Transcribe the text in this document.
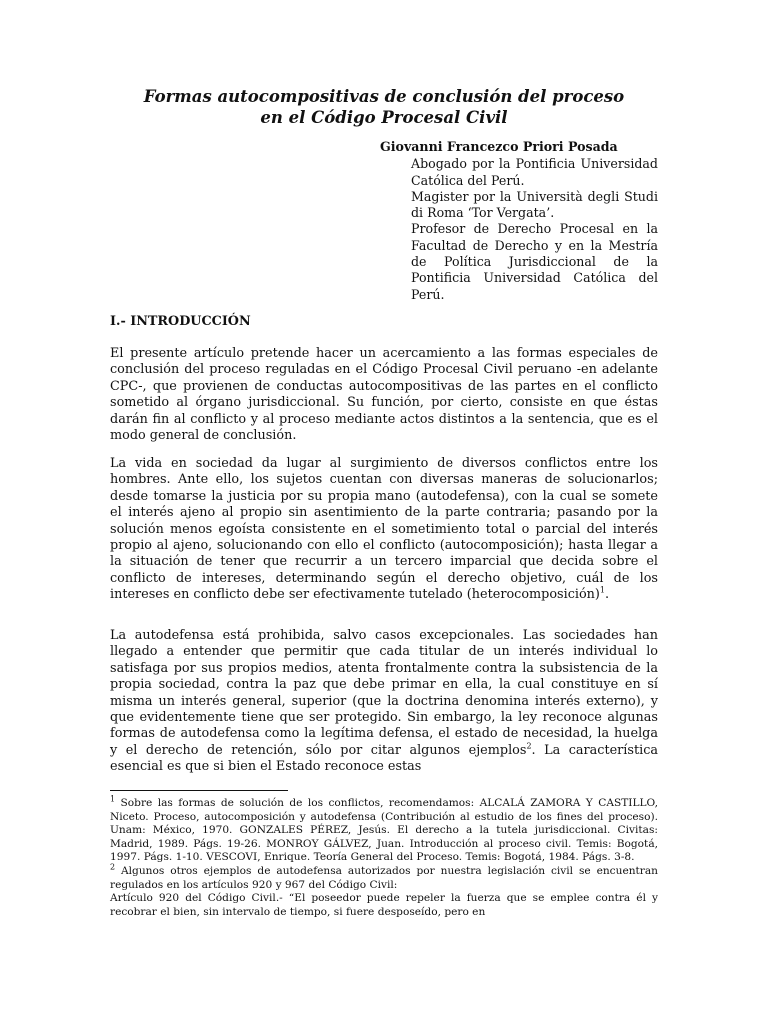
Formas autocompositivas de conclusión del proceso
en el Código Procesal Civil
Giovanni Francezco Priori Posada
Abogado por la Pontificia Universidad Católica del Perú.
Magister por la Università degli Studi di Roma ‘Tor Vergata’.
Profesor de Derecho Procesal en la Facultad de Derecho y en la Mestría de Política Jurisdiccional de la Pontificia Universidad Católica del Perú.
I.- INTRODUCCIÓN

El presente artículo pretende hacer un acercamiento a las formas especiales de conclusión del proceso reguladas en el Código Procesal Civil peruano -en adelante CPC-, que provienen de conductas autocompositivas de las partes en el conflicto sometido al órgano jurisdiccional. Su función, por cierto, consiste en que éstas darán fin al conflicto y al proceso mediante actos distintos a la sentencia, que es el modo general de conclusión.

La vida en sociedad da lugar al surgimiento de diversos conflictos entre los hombres. Ante ello, los sujetos cuentan con diversas maneras de solucionarlos; desde tomarse la justicia por su propia mano (autodefensa), con la cual se somete el interés ajeno al propio sin asentimiento de la parte contraria; pasando por la solución menos egoísta consistente en el sometimiento total o parcial del interés propio al ajeno, solucionando con ello el conflicto (autocomposición); hasta llegar a la situación de tener que recurrir a un tercero imparcial que decida sobre el conflicto de intereses, determinando según el derecho objetivo, cuál de los intereses en conflicto debe ser efectivamente tutelado (heterocomposición)$^1$.

La autodefensa está prohibida, salvo casos excepcionales. Las sociedades han llegado a entender que permitir que cada titular de un interés individual lo satisfaga por sus propios medios, atenta frontalmente contra la subsistencia de la propia sociedad, contra la paz que debe primar en ella, la cual constituye en sí misma un interés general, superior (que la doctrina denomina interés externo), y que evidentemente tiene que ser protegido. Sin embargo, la ley reconoce algunas formas de autodefensa como la legítima defensa, el estado de necesidad, la huelga y el derecho de retención, sólo por citar algunos ejemplos$^2$. La característica esencial es que si bien el Estado reconoce estas

$^1$ Sobre las formas de solución de los conflictos, recomendamos: ALCALÁ ZAMORA Y CASTILLO, Niceto. Proceso, autocomposición y autodefensa (Contribución al estudio de los fines del proceso). Unam: México, 1970. GONZALES PÉREZ, Jesús. El derecho a la tutela jurisdiccional. Civitas: Madrid, 1989. Págs. 19-26. MONROY GÁLVEZ, Juan. Introducción al proceso civil. Temis: Bogotá, 1997. Págs. 1-10. VESCOVI, Enrique. Teoría General del Proceso. Temis: Bogotá, 1984. Págs. 3-8.

$^2$ Algunos otros ejemplos de autodefensa autorizados por nuestra legislación civil se encuentran regulados en los artículos 920 y 967 del Código Civil:

Artículo 920 del Código Civil.- “El poseedor puede repeler la fuerza que se emplee contra él y recobrar el bien, sin intervalo de tiempo, si fuere desposeído, pero en
